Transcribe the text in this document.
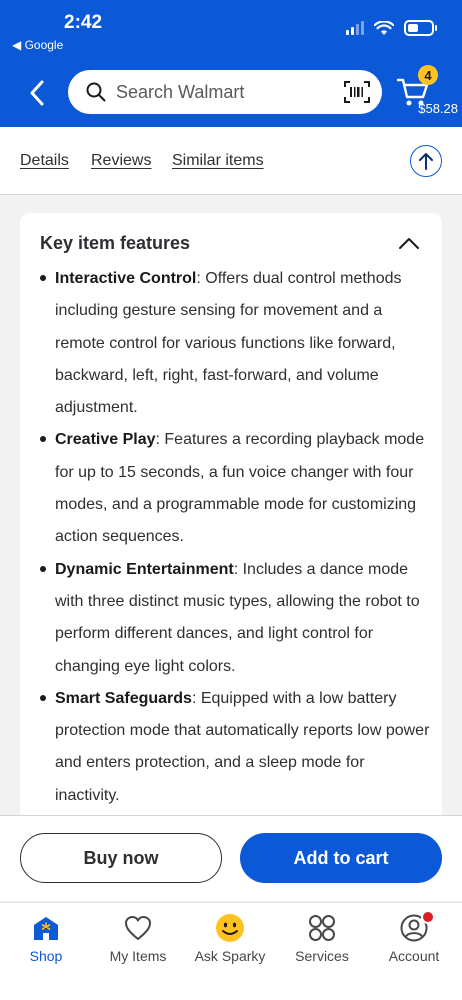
2:42
◀ Google
Search Walmart
4
$58.28
Details Reviews Similar items
Key item features
Interactive Control: Offers dual control methods including gesture sensing for movement and a remote control for various functions like forward, backward, left, right, fast-forward, and volume adjustment.
Creative Play: Features a recording playback mode for up to 15 seconds, a fun voice changer with four modes, and a programmable mode for customizing action sequences.
Dynamic Entertainment: Includes a dance mode with three distinct music types, allowing the robot to perform different dances, and light control for changing eye light colors.
Smart Safeguards: Equipped with a low battery protection mode that automatically reports low power and enters protection, and a sleep mode for inactivity.
Buy now	Add to cart
Shop	My Items Ask Sparky Services	Account
